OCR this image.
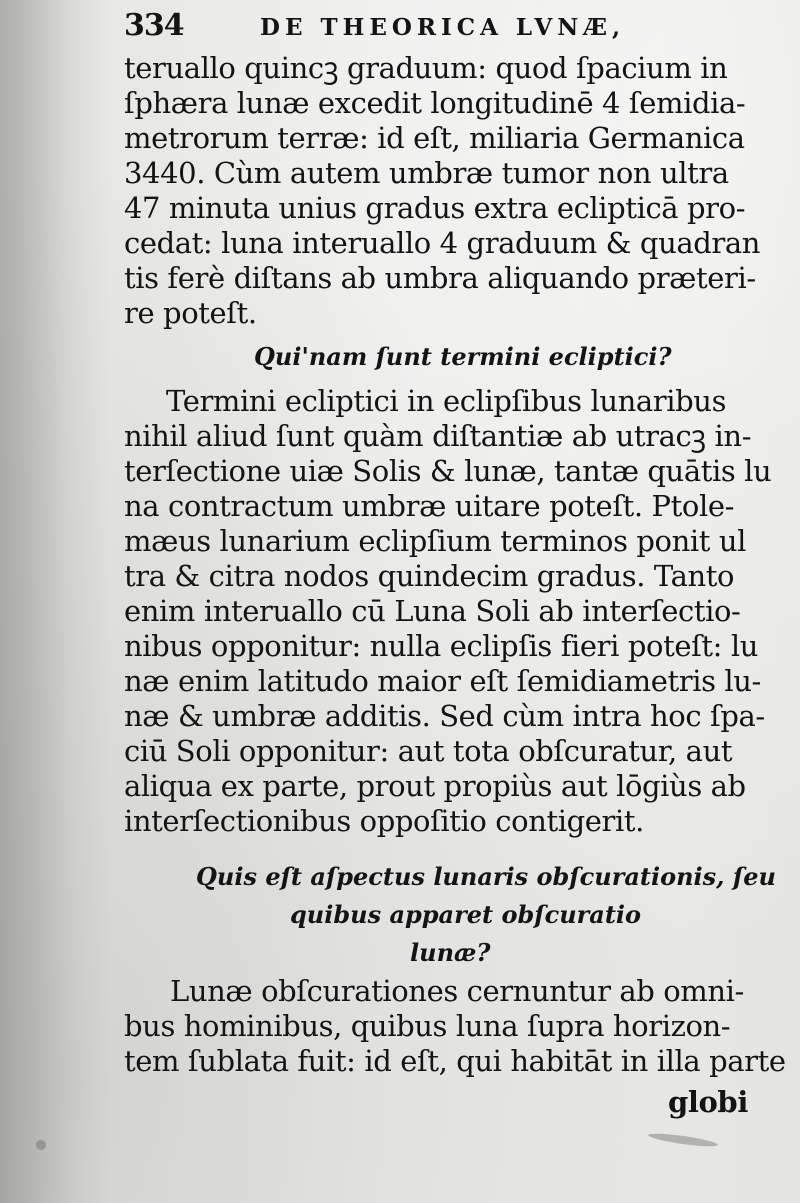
334	DE THEORICA LVNÆ,
teruallo quincꝫ graduum: quod ſpacium in
ſphæra lunæ excedit longitudinē 4 ſemidia-
metrorum terræ: id eſt, miliaria Germanica
3440. Cùm autem umbræ tumor non ultra
47 minuta unius gradus extra eclipticā pro-
cedat: luna interuallo 4 graduum & quadran
tis ferè diſtans ab umbra aliquando præteri-
re poteſt.
Qui'nam ſunt termini ecliptici?
Termini ecliptici in eclipſibus lunaribus
nihil aliud ſunt quàm diſtantiæ ab utracꝫ in-
terſectione uiæ Solis & lunæ, tantæ quātis lu
na contractum umbræ uitare poteſt. Ptole-
mæus lunarium eclipſium terminos ponit ul
tra & citra nodos quindecim gradus. Tanto
enim interuallo cū Luna Soli ab interſectio-
nibus opponitur: nulla eclipſis fieri poteſt: lu
næ enim latitudo maior eſt ſemidiametris lu-
næ & umbræ additis. Sed cùm intra hoc ſpa-
ciū Soli opponitur: aut tota obſcuratur, aut
aliqua ex parte, prout propiùs aut lōgiùs ab
interſectionibus oppoſitio contigerit.
Quis eſt aſpectus lunaris obſcurationis, ſeu
quibus apparet obſcuratio
lunæ?
Lunæ obſcurationes cernuntur ab omni-
bus hominibus, quibus luna ſupra horizon-
tem ſublata fuit: id eſt, qui habitāt in illa parte
globi
